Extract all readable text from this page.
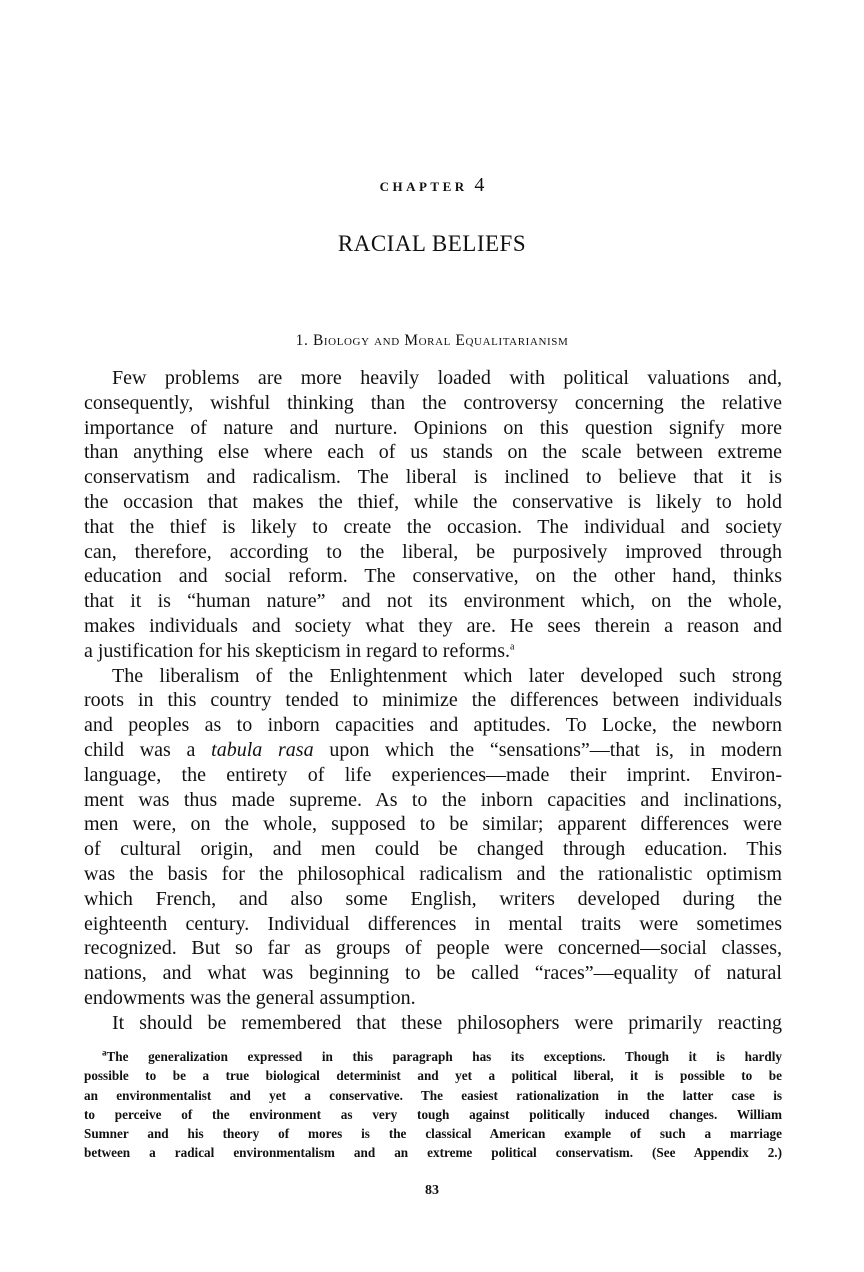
CHAPTER 4
RACIAL BELIEFS
1. Biology and Moral Equalitarianism
Few problems are more heavily loaded with political valuations and,
consequently, wishful thinking than the controversy concerning the relative
importance of nature and nurture. Opinions on this question signify more
than anything else where each of us stands on the scale between extreme
conservatism and radicalism. The liberal is inclined to believe that it is
the occasion that makes the thief, while the conservative is likely to hold
that the thief is likely to create the occasion. The individual and society
can, therefore, according to the liberal, be purposively improved through
education and social reform. The conservative, on the other hand, thinks
that it is “human nature” and not its environment which, on the whole,
makes individuals and society what they are. He sees therein a reason and
a justification for his skepticism in regard to reforms.$^a$
The liberalism of the Enlightenment which later developed such strong
roots in this country tended to minimize the differences between individuals
and peoples as to inborn capacities and aptitudes. To Locke, the newborn
child was a tabula rasa upon which the “sensations”—that is, in modern
language, the entirety of life experiences—made their imprint. Environ-
ment was thus made supreme. As to the inborn capacities and inclinations,
men were, on the whole, supposed to be similar; apparent differences were
of cultural origin, and men could be changed through education. This
was the basis for the philosophical radicalism and the rationalistic optimism
which French, and also some English, writers developed during the
eighteenth century. Individual differences in mental traits were sometimes
recognized. But so far as groups of people were concerned—social classes,
nations, and what was beginning to be called “races”—equality of natural
endowments was the general assumption.
It should be remembered that these philosophers were primarily reacting
$^a$The generalization expressed in this paragraph has its exceptions. Though it is hardly
possible to be a true biological determinist and yet a political liberal, it is possible to be
an environmentalist and yet a conservative. The easiest rationalization in the latter case is
to perceive of the environment as very tough against politically induced changes. William
Sumner and his theory of mores is the classical American example of such a marriage
between a radical environmentalism and an extreme political conservatism. (See Appendix 2.)
83
